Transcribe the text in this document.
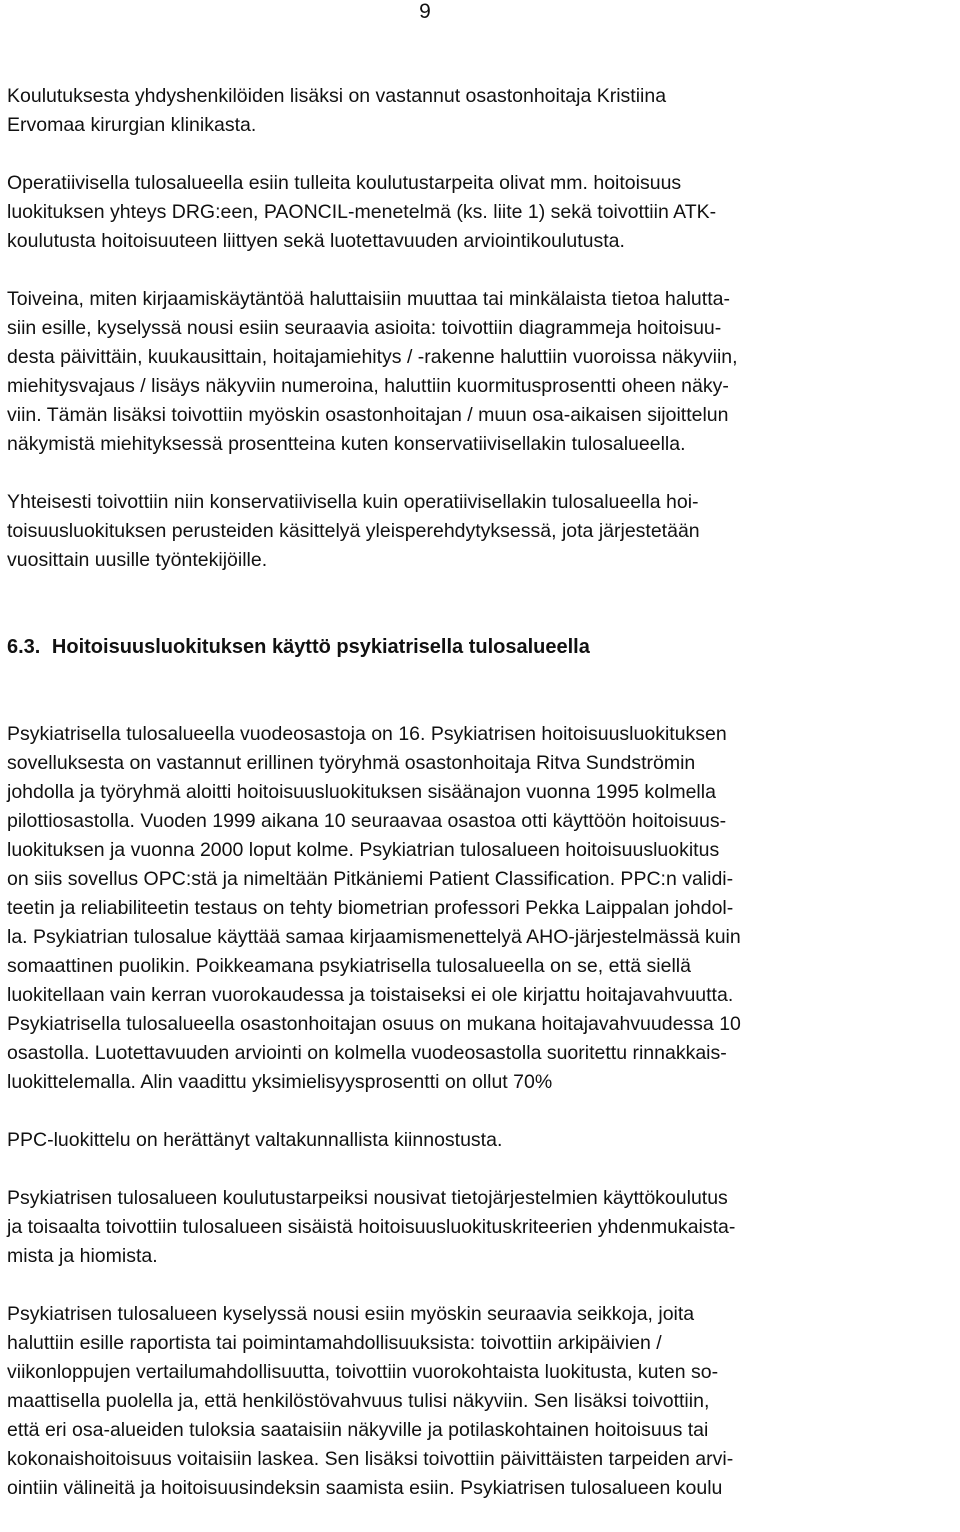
9
Koulutuksesta yhdyshenkilöiden lisäksi on vastannut osastonhoitaja Kristiina
Ervomaa kirurgian klinikasta.
Operatiivisella tulosalueella esiin tulleita koulutustarpeita olivat mm. hoitoisuus
luokituksen yhteys DRG:een, PAONCIL-menetelmä (ks. liite 1) sekä toivottiin ATK-
koulutusta hoitoisuuteen liittyen sekä luotettavuuden arviointikoulutusta.
Toiveina, miten kirjaamiskäytäntöä haluttaisiin muuttaa tai minkälaista tietoa halutta-
siin esille, kyselyssä nousi esiin seuraavia asioita: toivottiin diagrammeja hoitoisuu-
desta päivittäin, kuukausittain, hoitajamiehitys / -rakenne haluttiin vuoroissa näkyviin,
miehitysvajaus / lisäys näkyviin numeroina, haluttiin kuormitusprosentti oheen näky-
viin. Tämän lisäksi toivottiin myöskin osastonhoitajan / muun osa-aikaisen sijoittelun
näkymistä miehityksessä prosentteina kuten konservatiivisellakin tulosalueella.
Yhteisesti toivottiin niin konservatiivisella kuin operatiivisellakin tulosalueella hoi-
toisuusluokituksen perusteiden käsittelyä yleisperehdytyksessä, jota järjestetään
vuosittain uusille työntekijöille.
6.3. Hoitoisuusluokituksen käyttö psykiatrisella tulosalueella
Psykiatrisella tulosalueella vuodeosastoja on 16. Psykiatrisen hoitoisuusluokituksen
sovelluksesta on vastannut erillinen työryhmä osastonhoitaja Ritva Sundströmin
johdolla ja työryhmä aloitti hoitoisuusluokituksen sisäänajon vuonna 1995 kolmella
pilottiosastolla. Vuoden 1999 aikana 10 seuraavaa osastoa otti käyttöön hoitoisuus-
luokituksen ja vuonna 2000 loput kolme. Psykiatrian tulosalueen hoitoisuusluokitus
on siis sovellus OPC:stä ja nimeltään Pitkäniemi Patient Classification. PPC:n validi-
teetin ja reliabiliteetin testaus on tehty biometrian professori Pekka Laippalan johdol-
la. Psykiatrian tulosalue käyttää samaa kirjaamismenettelyä AHO-järjestelmässä kuin
somaattinen puolikin. Poikkeamana psykiatrisella tulosalueella on se, että siellä
luokitellaan vain kerran vuorokaudessa ja toistaiseksi ei ole kirjattu hoitajavahvuutta.
Psykiatrisella tulosalueella osastonhoitajan osuus on mukana hoitajavahvuudessa 10
osastolla. Luotettavuuden arviointi on kolmella vuodeosastolla suoritettu rinnakkais-
luokittelemalla. Alin vaadittu yksimielisyysprosentti on ollut 70%
PPC-luokittelu on herättänyt valtakunnallista kiinnostusta.
Psykiatrisen tulosalueen koulutustarpeiksi nousivat tietojärjestelmien käyttökoulutus
ja toisaalta toivottiin tulosalueen sisäistä hoitoisuusluokituskriteerien yhdenmukaista-
mista ja hiomista.
Psykiatrisen tulosalueen kyselyssä nousi esiin myöskin seuraavia seikkoja, joita
haluttiin esille raportista tai poimintamahdollisuuksista: toivottiin arkipäivien /
viikonloppujen vertailumahdollisuutta, toivottiin vuorokohtaista luokitusta, kuten so-
maattisella puolella ja, että henkilöstövahvuus tulisi näkyviin. Sen lisäksi toivottiin,
että eri osa-alueiden tuloksia saataisiin näkyville ja potilaskohtainen hoitoisuus tai
kokonaishoitoisuus voitaisiin laskea. Sen lisäksi toivottiin päivittäisten tarpeiden arvi-
ointiin välineitä ja hoitoisuusindeksin saamista esiin. Psykiatrisen tulosalueen koulu
